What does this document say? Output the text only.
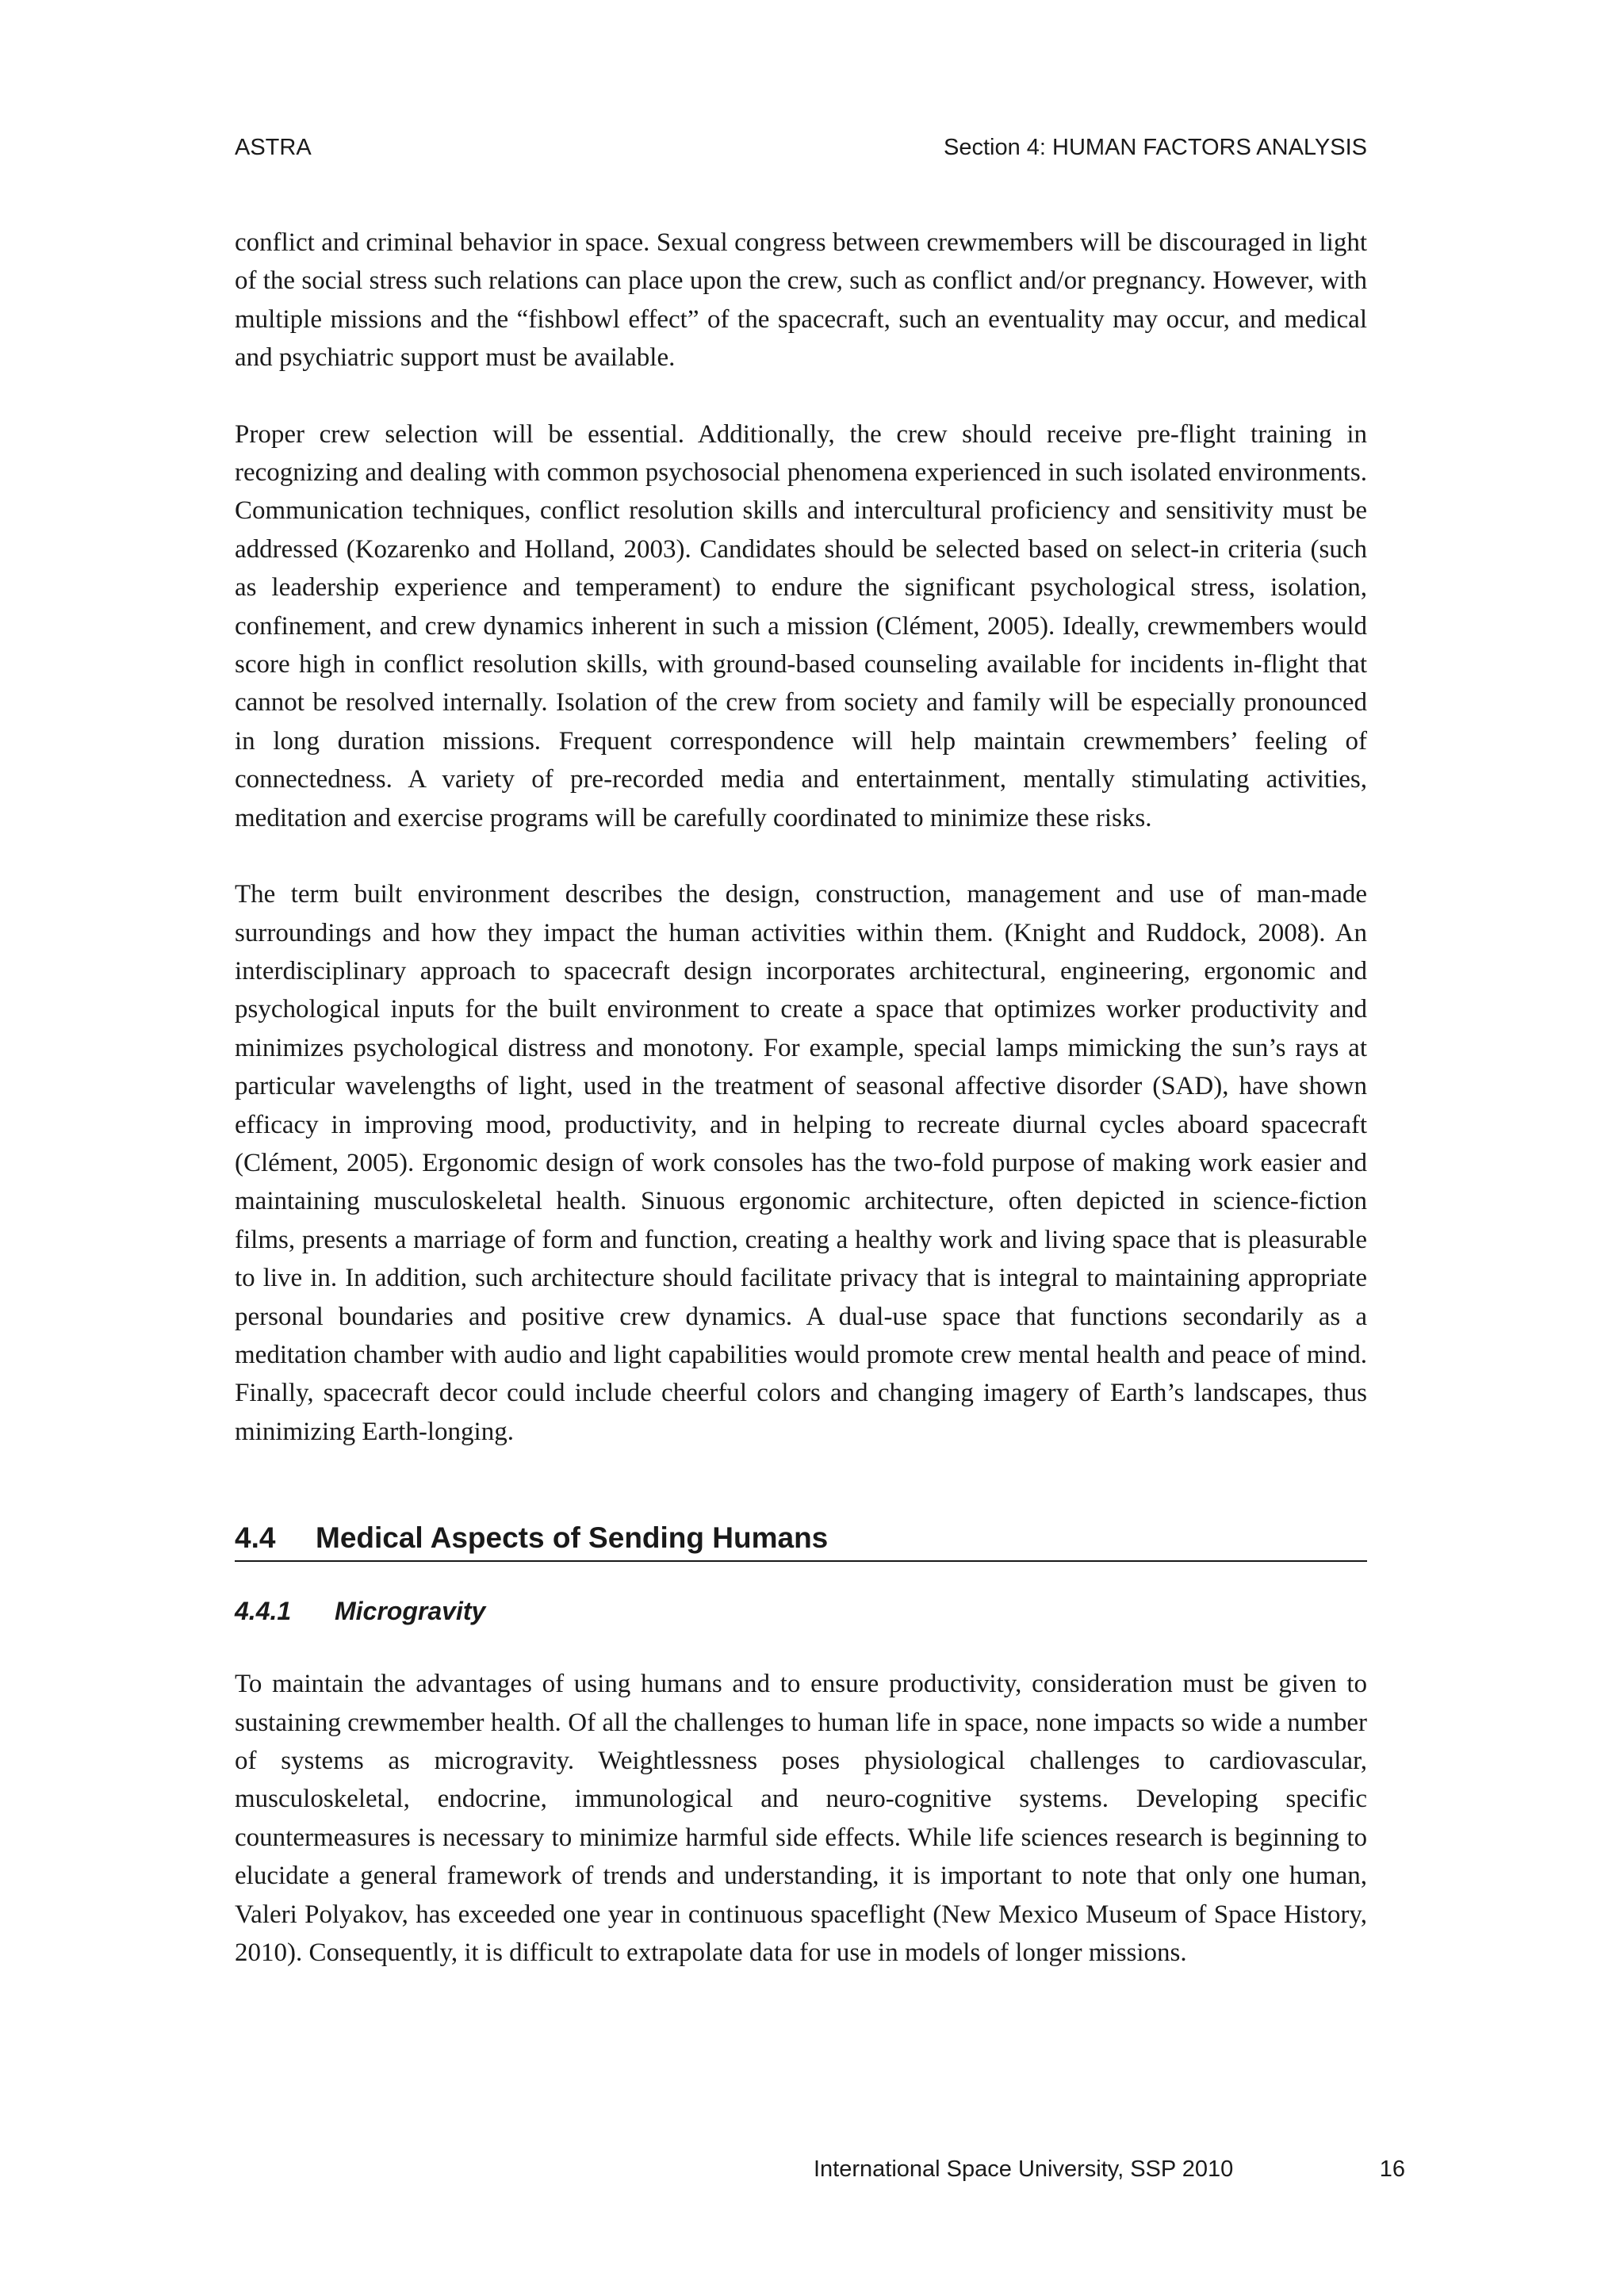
ASTRA	Section 4: HUMAN FACTORS ANALYSIS

conflict and criminal behavior in space. Sexual congress between crewmembers will be discouraged in light of the social stress such relations can place upon the crew, such as conflict and/or pregnancy. However, with multiple missions and the “fishbowl effect” of the spacecraft, such an eventuality may occur, and medical and psychiatric support must be available.

Proper crew selection will be essential. Additionally, the crew should receive pre-flight training in recognizing and dealing with common psychosocial phenomena experienced in such isolated environments. Communication techniques, conflict resolution skills and intercultural proficiency and sensitivity must be addressed (Kozarenko and Holland, 2003). Candidates should be selected based on select-in criteria (such as leadership experience and temperament) to endure the significant psychological stress, isolation, confinement, and crew dynamics inherent in such a mission (Clément, 2005). Ideally, crewmembers would score high in conflict resolution skills, with ground-based counseling available for incidents in-flight that cannot be resolved internally. Isolation of the crew from society and family will be especially pronounced in long duration missions. Frequent correspondence will help maintain crewmembers’ feeling of connectedness. A variety of pre-recorded media and entertainment, mentally stimulating activities, meditation and exercise programs will be carefully coordinated to minimize these risks.

The term built environment describes the design, construction, management and use of man-made surroundings and how they impact the human activities within them. (Knight and Ruddock, 2008). An interdisciplinary approach to spacecraft design incorporates architectural, engineering, ergonomic and psychological inputs for the built environment to create a space that optimizes worker productivity and minimizes psychological distress and monotony. For example, special lamps mimicking the sun’s rays at particular wavelengths of light, used in the treatment of seasonal affective disorder (SAD), have shown efficacy in improving mood, productivity, and in helping to recreate diurnal cycles aboard spacecraft (Clément, 2005). Ergonomic design of work consoles has the two-fold purpose of making work easier and maintaining musculoskeletal health. Sinuous ergonomic architecture, often depicted in science-fiction films, presents a marriage of form and function, creating a healthy work and living space that is pleasurable to live in. In addition, such architecture should facilitate privacy that is integral to maintaining appropriate personal boundaries and positive crew dynamics. A dual-use space that functions secondarily as a meditation chamber with audio and light capabilities would promote crew mental health and peace of mind. Finally, spacecraft decor could include cheerful colors and changing imagery of Earth’s landscapes, thus minimizing Earth-longing.

4.4 Medical Aspects of Sending Humans
4.4.1 Microgravity

To maintain the advantages of using humans and to ensure productivity, consideration must be given to sustaining crewmember health. Of all the challenges to human life in space, none impacts so wide a number of systems as microgravity. Weightlessness poses physiological challenges to cardiovascular, musculoskeletal, endocrine, immunological and neuro-cognitive systems. Developing specific countermeasures is necessary to minimize harmful side effects. While life sciences research is beginning to elucidate a general framework of trends and understanding, it is important to note that only one human, Valeri Polyakov, has exceeded one year in continuous spaceflight (New Mexico Museum of Space History, 2010). Consequently, it is difficult to extrapolate data for use in models of longer missions.

International Space University, SSP 2010	16
